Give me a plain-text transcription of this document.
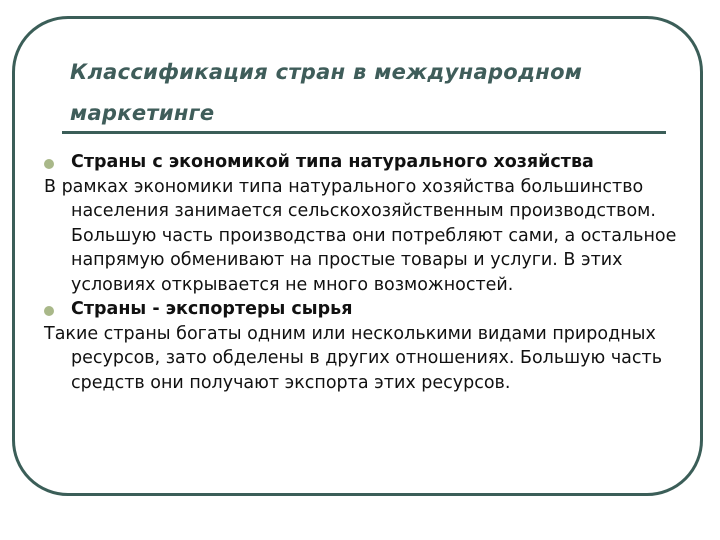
Классификация стран в международном
маркетинге
Страны с экономикой типа натурального хозяйства
В рамках экономики типа натурального хозяйства большинство населения занимается сельскохозяйственным производством. Большую часть производства они потребляют сами, а остальное напрямую обменивают на простые товары и услуги. В этих условиях открывается не много возможностей.
Страны - экспортеры сырья
Такие страны богаты одним или несколькими видами природных ресурсов, зато обделены в других отношениях. Большую часть средств они получают экспорта этих ресурсов.
